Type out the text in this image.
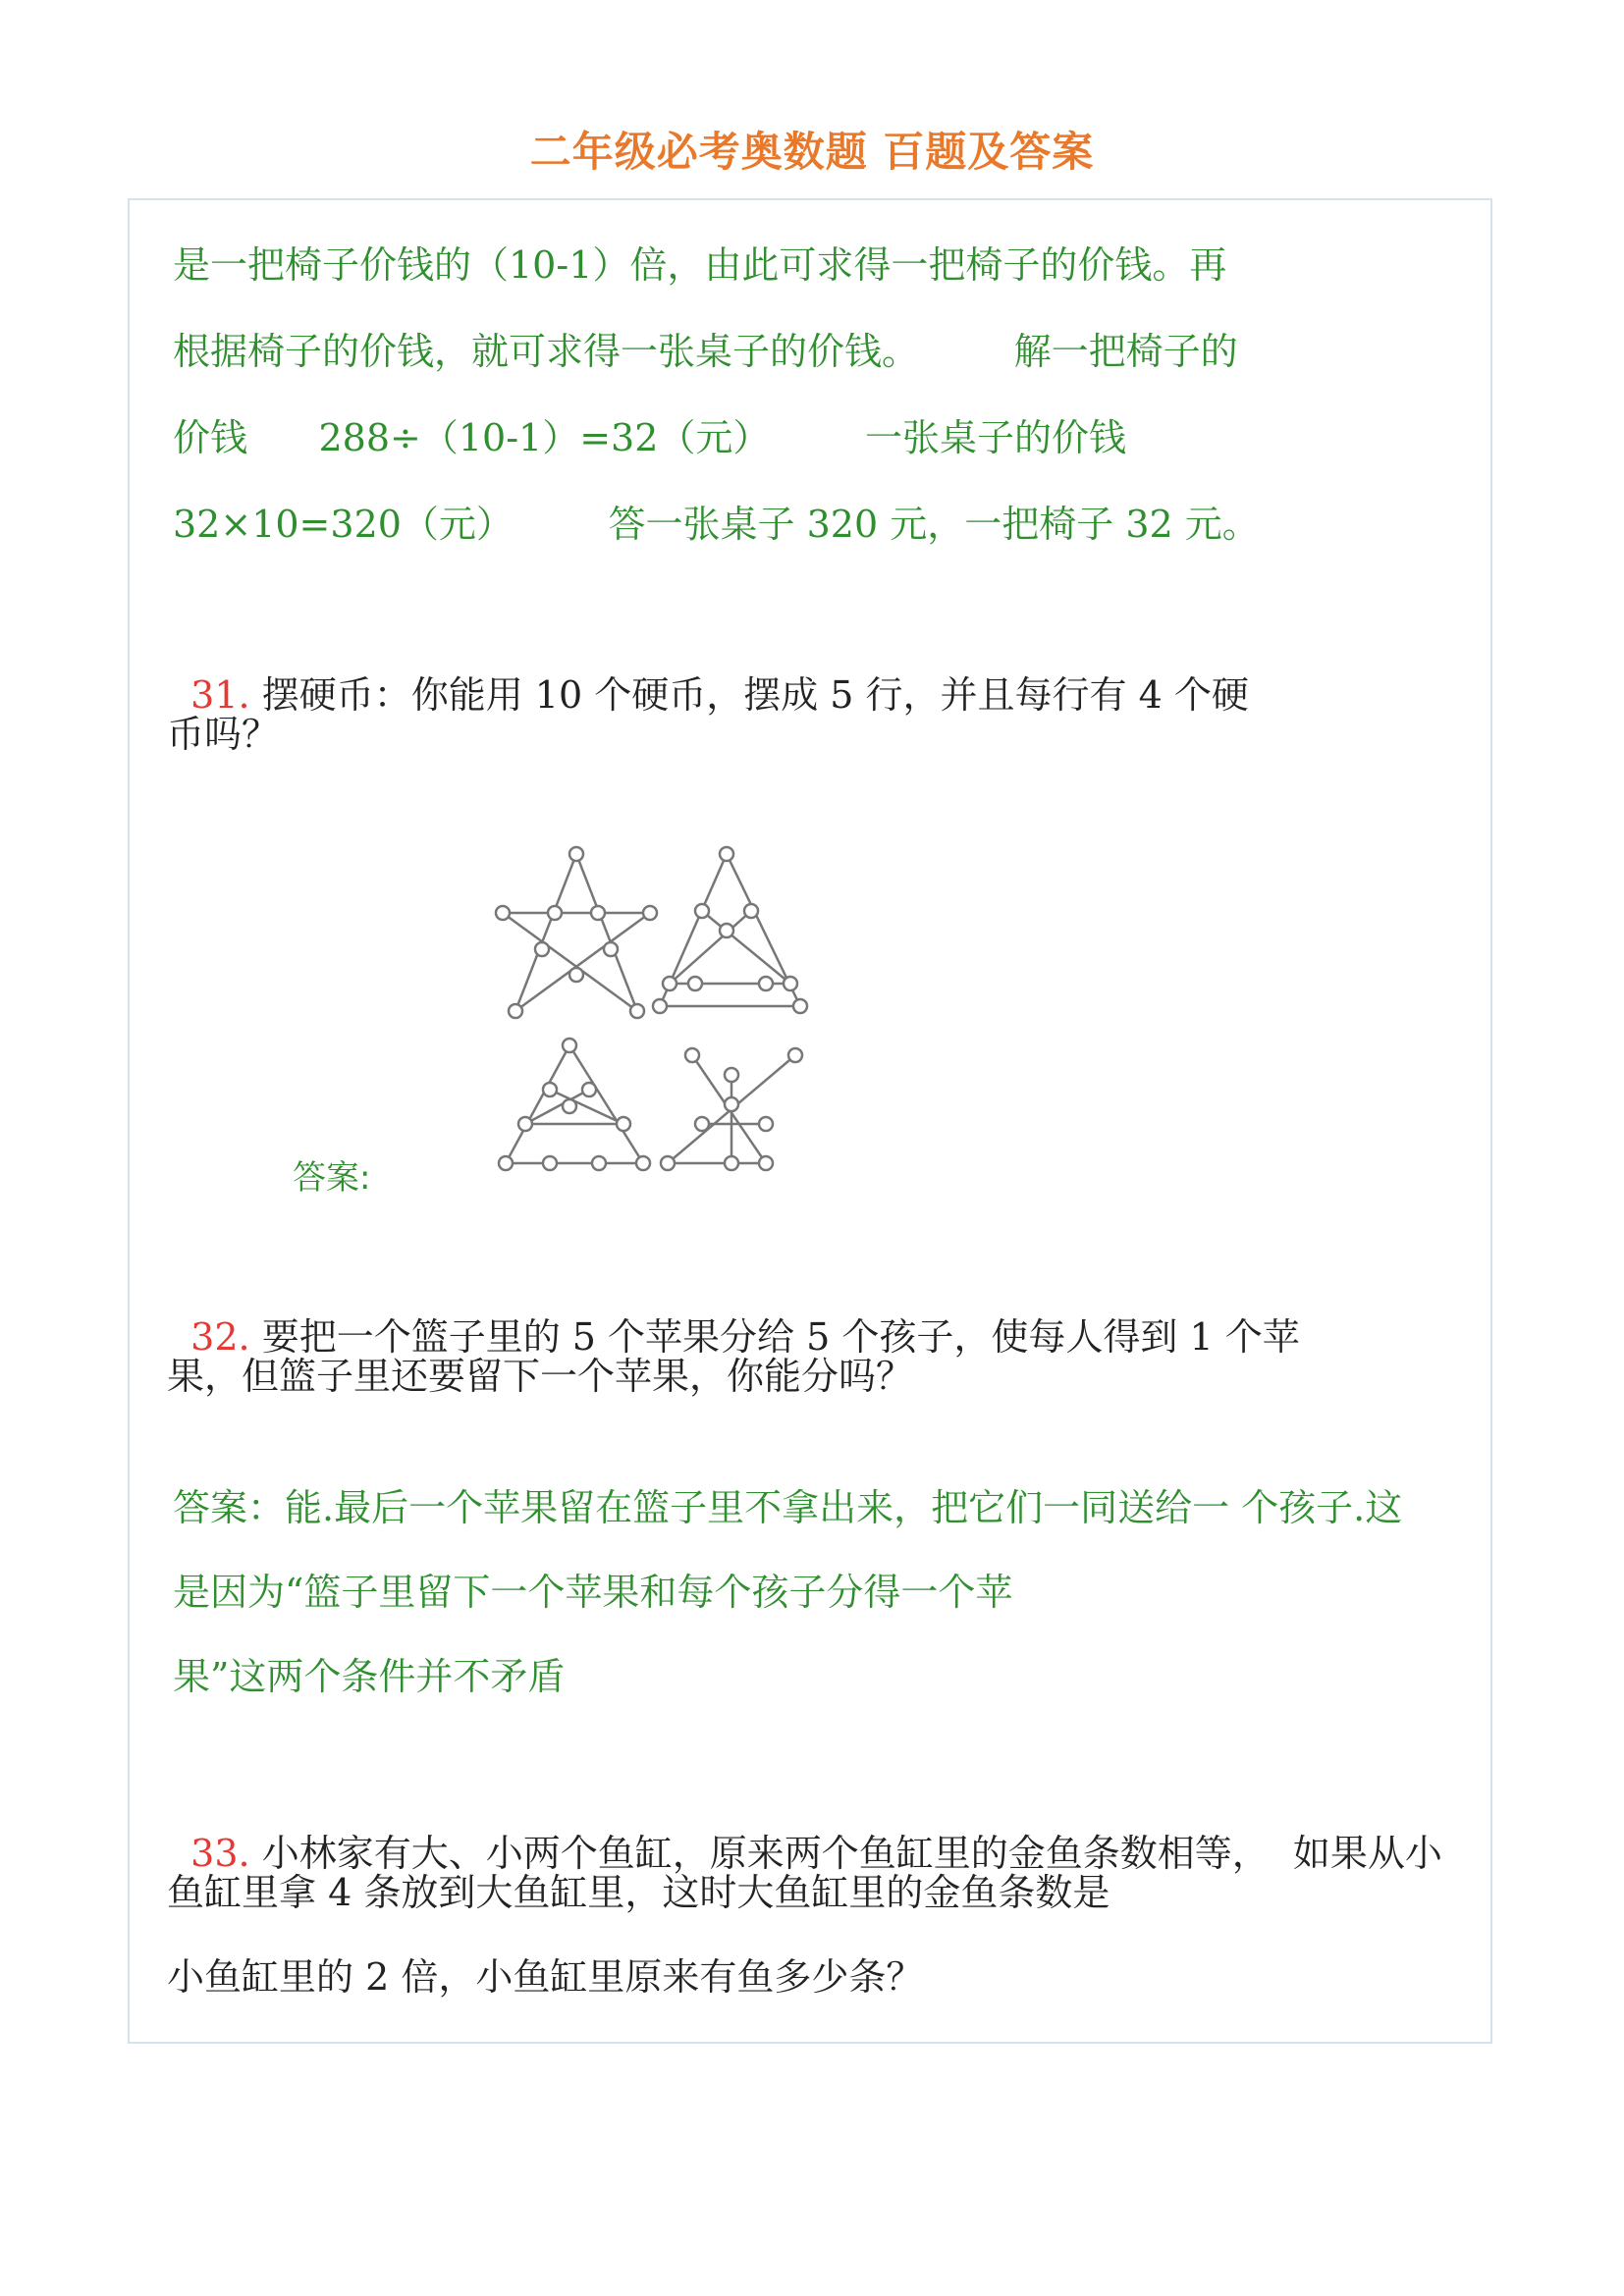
二年级必考奥数题 百题及答案
是一把椅子价钱的（10-1）倍，由此可求得一把椅子的价钱。再
根据椅子的价钱，就可求得一张桌子的价钱。        解一把椅子的
价钱      288÷（10-1）=32（元）        一张桌子的价钱
32×10=320（元）        答一张桌子 320 元，一把椅子 32 元。

31. 摆硬币：你能用 10 个硬币，摆成 5 行，并且每行有 4 个硬

币吗？
答案:

32. 要把一个篮子里的 5 个苹果分给 5 个孩子，使每人得到 1 个苹

果，但篮子里还要留下一个苹果，你能分吗？
答案：能.最后一个苹果留在篮子里不拿出来，把它们一同送给一 个孩子.这
是因为“篮子里留下一个苹果和每个孩子分得一个苹
果”这两个条件并不矛盾

33. 小林家有大、小两个鱼缸，原来两个鱼缸里的金鱼条数相等，  如果从小

鱼缸里拿 4 条放到大鱼缸里，这时大鱼缸里的金鱼条数是
小鱼缸里的 2 倍，小鱼缸里原来有鱼多少条？
